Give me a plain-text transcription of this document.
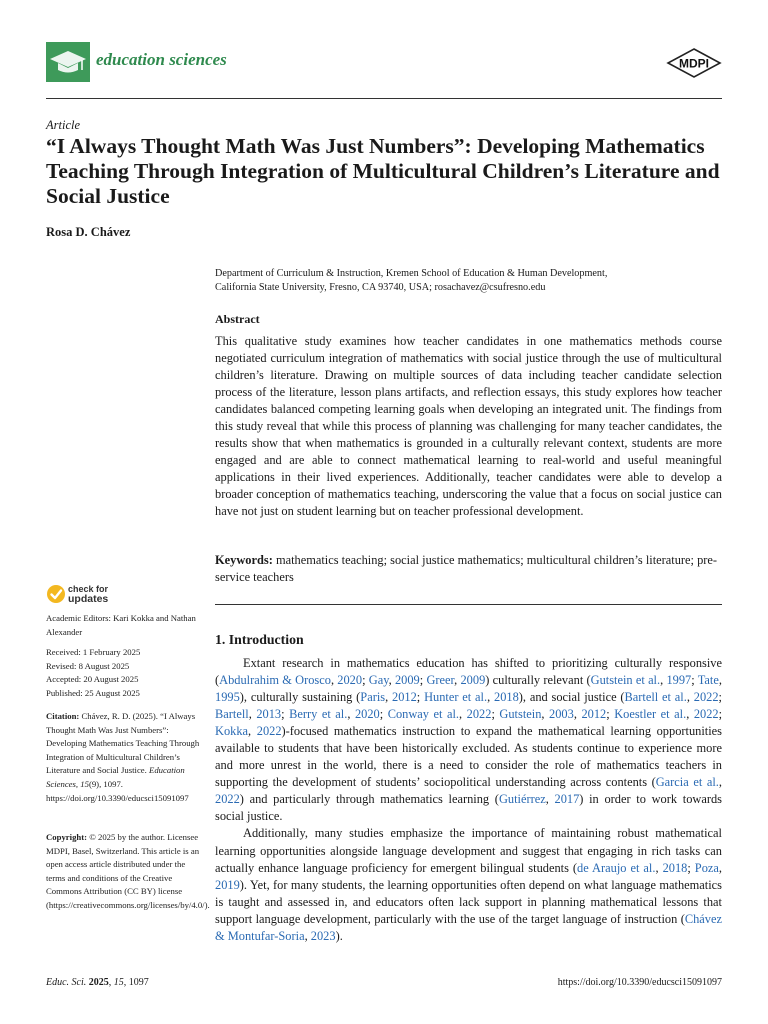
education sciences	MDPI
Article
“I Always Thought Math Was Just Numbers”: Developing Mathematics Teaching Through Integration of Multicultural Children’s Literature and Social Justice
Rosa D. Chávez
Department of Curriculum & Instruction, Kremen School of Education & Human Development,
California State University, Fresno, CA 93740, USA; rosachavez@csufresno.edu
Abstract
This qualitative study examines how teacher candidates in one mathematics methods course negotiated curriculum integration of mathematics with social justice through the use of multicultural children’s literature. Drawing on multiple sources of data including teacher candidate selection process of the literature, lesson plans artifacts, and reflection essays, this study explores how teacher candidates balanced competing learning goals when developing an integrated unit. The findings from this study reveal that while this process of planning was challenging for many teacher candidates, the results show that when mathematics is grounded in a culturally relevant context, students are more engaged and are able to connect mathematical learning to real-world and useful meaningful applications in their lived experiences. Additionally, teacher candidates were able to develop a broader conception of mathematics teaching, underscoring the value that a focus on social justice can have not just on student learning but on teacher professional development.
Keywords: mathematics teaching; social justice mathematics; multicultural children’s literature; pre-service teachers
check for
updates
Academic Editors: Kari Kokka and Nathan Alexander
Received: 1 February 2025
Revised: 8 August 2025
Accepted: 20 August 2025
Published: 25 August 2025
Citation: Chávez, R. D. (2025). “I Always Thought Math Was Just Numbers”: Developing Mathematics Teaching Through Integration of Multicultural Children’s Literature and Social Justice. Education Sciences, 15(9), 1097. https://doi.org/10.3390/educsci15091097
Copyright: © 2025 by the author. Licensee MDPI, Basel, Switzerland. This article is an open access article distributed under the terms and conditions of the Creative Commons Attribution (CC BY) license (https://creativecommons.org/licenses/by/4.0/).
1. Introduction

Extant research in mathematics education has shifted to prioritizing culturally responsive (Abdulrahim & Orosco, 2020; Gay, 2009; Greer, 2009) culturally relevant (Gutstein et al., 1997; Tate, 1995), culturally sustaining (Paris, 2012; Hunter et al., 2018), and social justice (Bartell et al., 2022; Bartell, 2013; Berry et al., 2020; Conway et al., 2022; Gutstein, 2003, 2012; Koestler et al., 2022; Kokka, 2022)-focused mathematics instruction to expand the mathematical learning opportunities available to students that have been historically excluded. As students continue to experience more and more unrest in the world, there is a need to consider the role of mathematics teachers in supporting the development of students’ sociopolitical understanding across contents (Garcia et al., 2022) and particularly through mathematics learning (Gutiérrez, 2017) in order to work towards social justice.

Additionally, many studies emphasize the importance of maintaining robust mathematical learning opportunities alongside language development and suggest that engaging in rich tasks can actually enhance language proficiency for emergent bilingual students (de Araujo et al., 2018; Poza, 2019). Yet, for many students, the learning opportunities often depend on what language mathematics is taught and assessed in, and educators often lack support in planning mathematical lessons that support language development, particularly with the use of the target language of instruction (Chávez & Montufar-Soria, 2023).

Educ. Sci. 2025, 15, 1097	https://doi.org/10.3390/educsci15091097
